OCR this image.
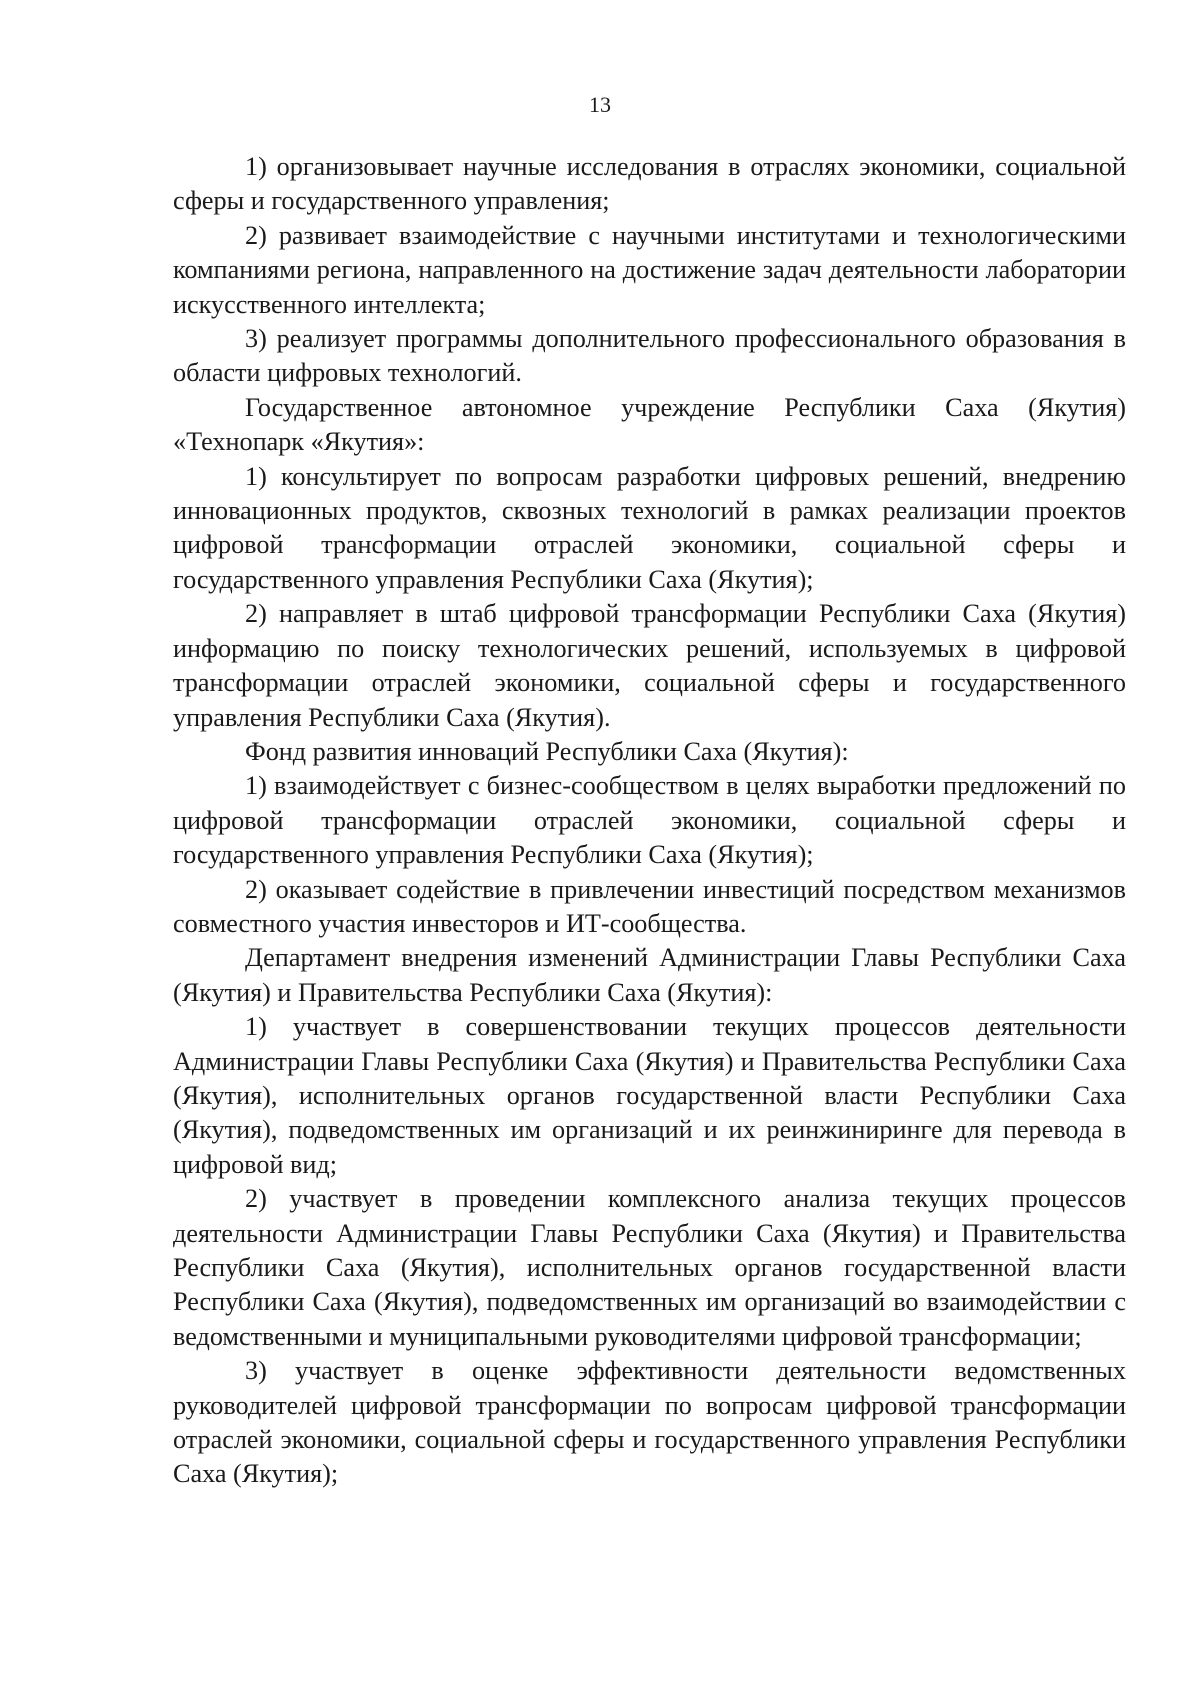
13

1) организовывает научные исследования в отраслях экономики, социальной сферы и государственного управления;

2) развивает взаимодействие с научными институтами и технологическими компаниями региона, направленного на достижение задач деятельности лаборатории искусственного интеллекта;

3) реализует программы дополнительного профессионального образования в области цифровых технологий.

Государственное автономное учреждение Республики Саха (Якутия) «Технопарк «Якутия»:

1) консультирует по вопросам разработки цифровых решений, внедрению инновационных продуктов, сквозных технологий в рамках реализации проектов цифровой трансформации отраслей экономики, социальной сферы и государственного управления Республики Саха (Якутия);

2) направляет в штаб цифровой трансформации Республики Саха (Якутия) информацию по поиску технологических решений, используемых в цифровой трансформации отраслей экономики, социальной сферы и государственного управления Республики Саха (Якутия).

Фонд развития инноваций Республики Саха (Якутия):

1) взаимодействует с бизнес-сообществом в целях выработки предложений по цифровой трансформации отраслей экономики, социальной сферы и государственного управления Республики Саха (Якутия);

2) оказывает содействие в привлечении инвестиций посредством механизмов совместного участия инвесторов и ИТ-сообщества.

Департамент внедрения изменений Администрации Главы Республики Саха (Якутия) и Правительства Республики Саха (Якутия):

1) участвует в совершенствовании текущих процессов деятельности Администрации Главы Республики Саха (Якутия) и Правительства Республики Саха (Якутия), исполнительных органов государственной власти Республики Саха (Якутия), подведомственных им организаций и их реинжиниринге для перевода в цифровой вид;

2) участвует в проведении комплексного анализа текущих процессов деятельности Администрации Главы Республики Саха (Якутия) и Правительства Республики Саха (Якутия), исполнительных органов государственной власти Республики Саха (Якутия), подведомственных им организаций во взаимодействии с ведомственными и муниципальными руководителями цифровой трансформации;

3) участвует в оценке эффективности деятельности ведомственных руководителей цифровой трансформации по вопросам цифровой трансформации отраслей экономики, социальной сферы и государственного управления Республики Саха (Якутия);
